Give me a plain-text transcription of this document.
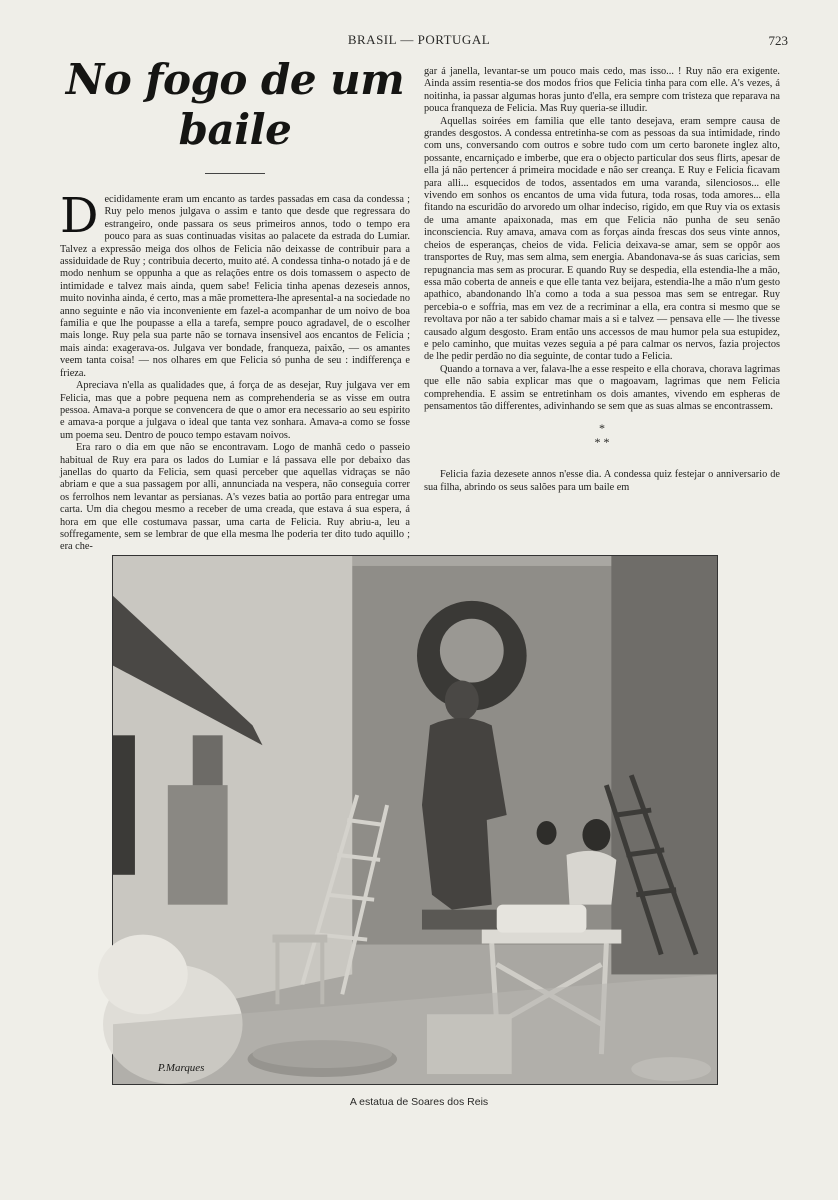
BRASIL — PORTUGAL	723
No fogo de um baile

Decididamente eram um encanto as tardes passadas em casa da condessa ; Ruy pelo menos julgava o assim e tanto que desde que regressara do estrangeiro, onde passara os seus primeiros annos, todo o tempo era pouco para as suas continuadas visitas ao palacete da estrada do Lumiar. Talvez a expressão meiga dos olhos de Felicia não deixasse de contribuir para a assiduidade de Ruy ; contribuia decerto, muito até. A condessa tinha-o notado já e de modo nenhum se oppunha a que as relações entre os dois tomassem o aspecto de intimidade e talvez mais ainda, quem sabe! Felicia tinha apenas dezeseis annos, muito novinha ainda, é certo, mas a mãe promettera-lhe apresental-a na sociedade no anno seguinte e não via inconveniente em fazel-a acompanhar de um noivo de boa familia e que lhe poupasse a ella a tarefa, sempre pouco agradavel, de o escolher mais longe. Ruy pela sua parte não se tornava insensivel aos encantos de Felicia ; mais ainda: exagerava-os. Julgava ver bondade, franqueza, paixão, — os amantes veem tanta coisa! — nos olhares em que Felicia só punha de seu : indifferença e frieza.

Apreciava n'ella as qualidades que, á força de as desejar, Ruy julgava ver em Felicia, mas que a pobre pequena nem as comprehenderia se as visse em outra pessoa. Amava-a porque se convencera de que o amor era necessario ao seu espirito e amava-a porque a julgava o ideal que tanta vez sonhara. Amava-a como se fosse um poema seu. Dentro de pouco tempo estavam noivos.

Era raro o dia em que não se encontravam. Logo de manhã cedo o passeio habitual de Ruy era para os lados do Lumiar e lá passava elle por debaixo das janellas do quarto da Felicia, sem quasi perceber que aquellas vidraças se não abriam e que a sua passagem por alli, annunciada na vespera, não conseguia correr os ferrolhos nem levantar as persianas. A's vezes batia ao portão para entregar uma carta. Um dia chegou mesmo a receber de uma creada, que estava á sua espera, á hora em que elle costumava passar, uma carta de Felicia. Ruy abriu-a, leu a soffregamente, sem se lembrar de que ella mesma lhe poderia ter dito tudo aquillo ; era che-

gar á janella, levantar-se um pouco mais cedo, mas isso... ! Ruy não era exigente. Ainda assim resentia-se dos modos frios que Felicia tinha para com elle. A's vezes, á noitinha, ia passar algumas horas junto d'ella, era sempre com tristeza que reparava na pouca franqueza de Felicia. Mas Ruy queria-se illudir.

Aquellas soirées em familia que elle tanto desejava, eram sempre causa de grandes desgostos. A condessa entretinha-se com as pessoas da sua intimidade, rindo com uns, conversando com outros e sobre tudo com um certo baronete inglez alto, possante, encarniçado e imberbe, que era o objecto particular dos seus flirts, apesar de ella já não pertencer á primeira mocidade e não ser creança. E Ruy e Felicia ficavam para alli... esquecidos de todos, assentados em uma varanda, silenciosos... elle vivendo em sonhos os encantos de uma vida futura, toda rosas, toda amores... ella fitando na escuridão do arvoredo um olhar indeciso, rigido, em que Ruy via os extasis de uma amante apaixonada, mas em que Felicia não punha de seu senão inconsciencia. Ruy amava, amava com as forças ainda frescas dos seus vinte annos, cheios de esperanças, cheios de vida. Felicia deixava-se amar, sem se oppôr aos transportes de Ruy, mas sem alma, sem energia. Abandonava-se ás suas caricias, sem repugnancia mas sem as procurar. E quando Ruy se despedia, ella estendia-lhe a mão, essa mão coberta de anneis e que elle tanta vez beijara, estendia-lhe a mão n'um gesto apathico, abandonando lh'a como a toda a sua pessoa mas sem se entregar. Ruy percebia-o e soffria, mas em vez de a recriminar a ella, era contra si mesmo que se revoltava por não a ter sabido chamar mais a si e talvez — pensava elle — lhe tivesse causado algum desgosto. Eram então uns accessos de mau humor pela sua estupidez, e pelo caminho, que muitas vezes seguia a pé para calmar os nervos, fazia projectos de lhe pedir perdão no dia seguinte, de contar tudo a Felicia.

Quando a tornava a ver, falava-lhe a esse respeito e ella chorava, chorava lagrimas que elle não sabia explicar mas que o magoavam, lagrimas que nem Felicia comprehendia. E assim se entretinham os dois amantes, vivendo em espheras de pensamentos tão differentes, adivinhando se sem que as suas almas se encontrassem.

*
* *

Felicia fazia dezesete annos n'esse dia. A condessa quiz festejar o anniversario de sua filha, abrindo os seus salões para um baile em

P.Marques
A estatua de Soares dos Reis
